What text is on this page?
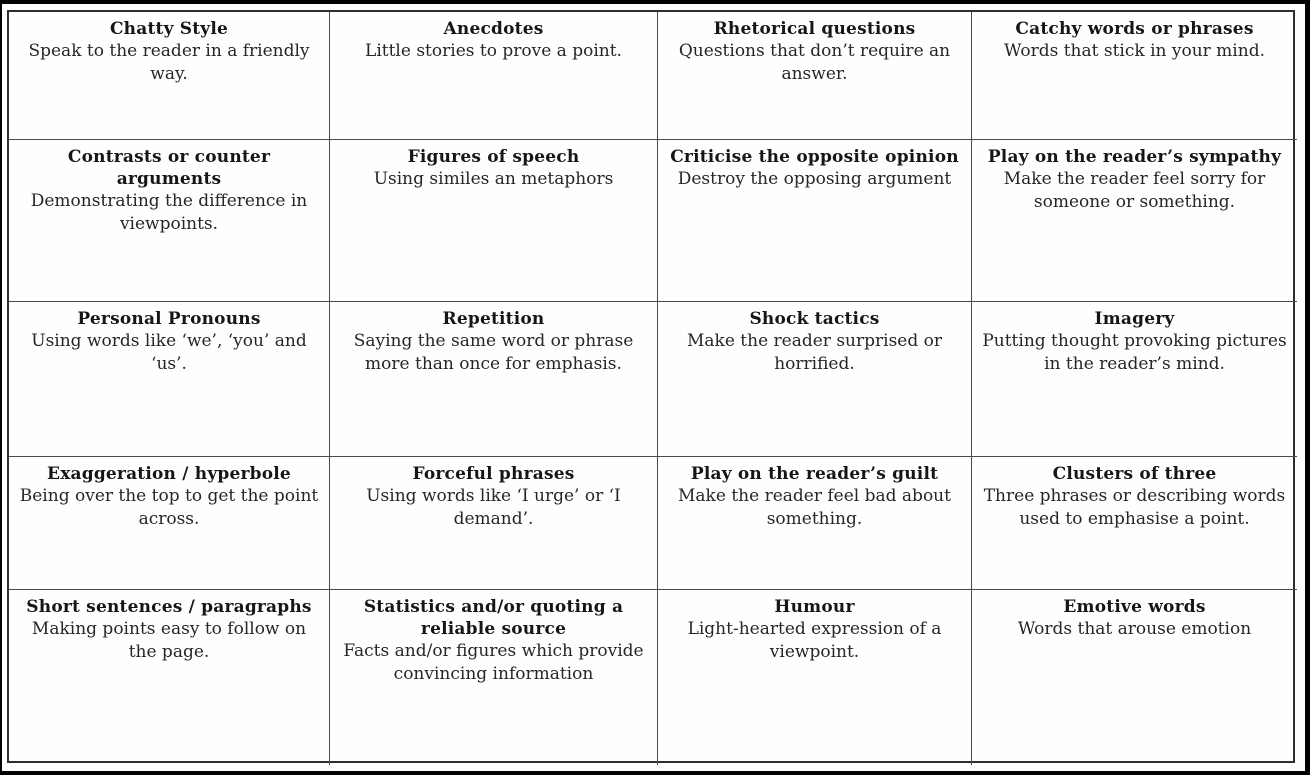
Chatty Style
Speak to the reader in a friendly way.
Anecdotes
Little stories to prove a point.
Rhetorical questions
Questions that don’t require an answer.
Catchy words or phrases
Words that stick in your mind.
Contrasts or counter arguments
Demonstrating the difference in viewpoints.
Figures of speech
Using similes an metaphors
Criticise the opposite opinion
Destroy the opposing argument
Play on the reader’s sympathy
Make the reader feel sorry for someone or something.
Personal Pronouns
Using words like ‘we’, ‘you’ and ‘us’.
Repetition
Saying the same word or phrase more than once for emphasis.
Shock tactics
Make the reader surprised or horrified.
Imagery
Putting thought provoking pictures in the reader’s mind.
Exaggeration / hyperbole
Being over the top to get the point across.
Forceful phrases
Using words like ‘I urge’ or ‘I demand’.
Play on the reader’s guilt
Make the reader feel bad about something.
Clusters of three
Three phrases or describing words used to emphasise a point.
Short sentences / paragraphs
Making points easy to follow on the page.
Statistics and/or quoting a reliable source
Facts and/or figures which provide convincing information
Humour
Light-hearted expression of a viewpoint.
Emotive words
Words that arouse emotion
